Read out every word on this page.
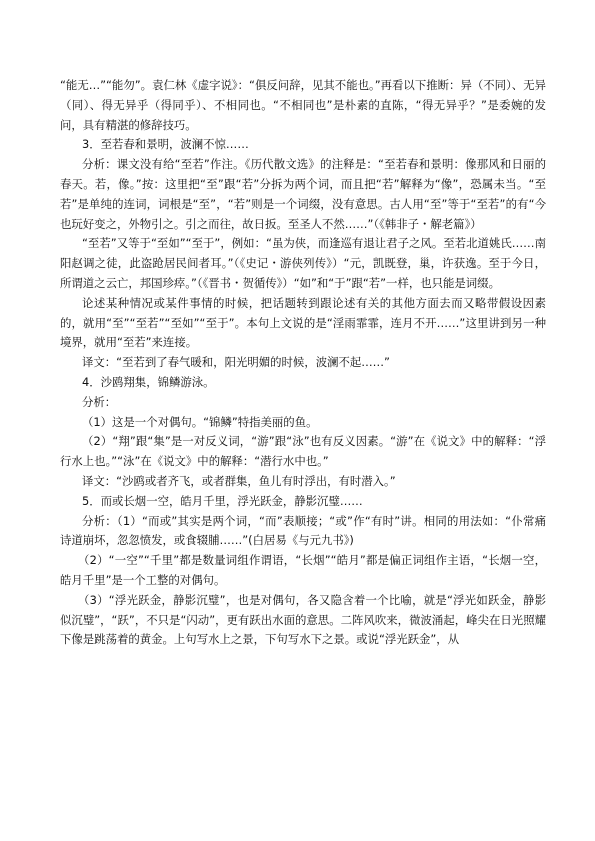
“能无…”“能勿”。袁仁林《虚字说》：“俱反问辞，见其不能也。”再看以下推断：异（不同）、无异（同）、得无异乎（得同乎）、不相同也。“不相同也”是朴素的直陈，“得无异乎？”是委婉的发问，具有精湛的修辞技巧。

3．至若春和景明，波澜不惊……

分析：课文没有给“至若”作注。《历代散文选》的注释是：“至若春和景明：像那风和日丽的春天。若，像。”按：这里把“至”跟“若”分拆为两个词，而且把“若”解释为“像”，恐属未当。“至若”是单纯的连词，词根是“至”，“若”则是一个词缀，没有意思。古人用“至”等于“至若”的有“今也玩好变之，外物引之。引之而往，故日扳。至圣人不然……”（《韩非子・解老篇》）

“至若”又等于“至如”“至于”，例如：“虽为侠，而逢巡有退让君子之风。至若北道姚氏……南阳赵调之徒，此盗跄居民间者耳。”（《史记・游侠列传》）“元，凯既登，巢，许获逸。至于今日，所谓道之云亡，邦国珍瘁。”（《晋书・贺循传》）“如”和“于”跟“若”一样，也只能是词缀。

论述某种情况或某件事情的时候，把话题转到跟论述有关的其他方面去而又略带假设因素的，就用“至”“至若”“至如”“至于”。本句上文说的是“淫雨霏霏，连月不开……”这里讲到另一种境界，就用“至若”来连接。

译文：“至若到了春气暖和，阳光明媚的时候，波澜不起……”

4．沙鸥翔集，锦鳞游泳。

分析：

（1）这是一个对偶句。“锦鳞”特指美丽的鱼。

（2）“翔”跟“集”是一对反义词，“游”跟“泳”也有反义因素。“游”在《说文》中的解释：“浮行水上也。”“泳”在《说文》中的解释：“潜行水中也。”

译文：“沙鸥或者齐飞，或者群集，鱼儿有时浮出，有时潜入。”

5．而或长烟一空，皓月千里，浮光跃金，静影沉璧……

分析：（1）“而或”其实是两个词，“而”表顺接；“或”作“有时”讲。相同的用法如：“仆常痛诗道崩坏，忽忽愤发，或食辍脯……”(白居易《与元九书》)

（2）“一空”“千里”都是数量词组作谓语，“长烟”“皓月”都是偏正词组作主语，“长烟一空，皓月千里”是一个工整的对偶句。

（3）“浮光跃金，静影沉璧”，也是对偶句，各又隐含着一个比喻，就是“浮光如跃金，静影似沉璧”，“跃”，不只是“闪动”，更有跃出水面的意思。二阵风吹来，微波涌起，峰尖在日光照耀下像是跳荡着的黄金。上句写水上之景，下句写水下之景。或说“浮光跃金”，从
